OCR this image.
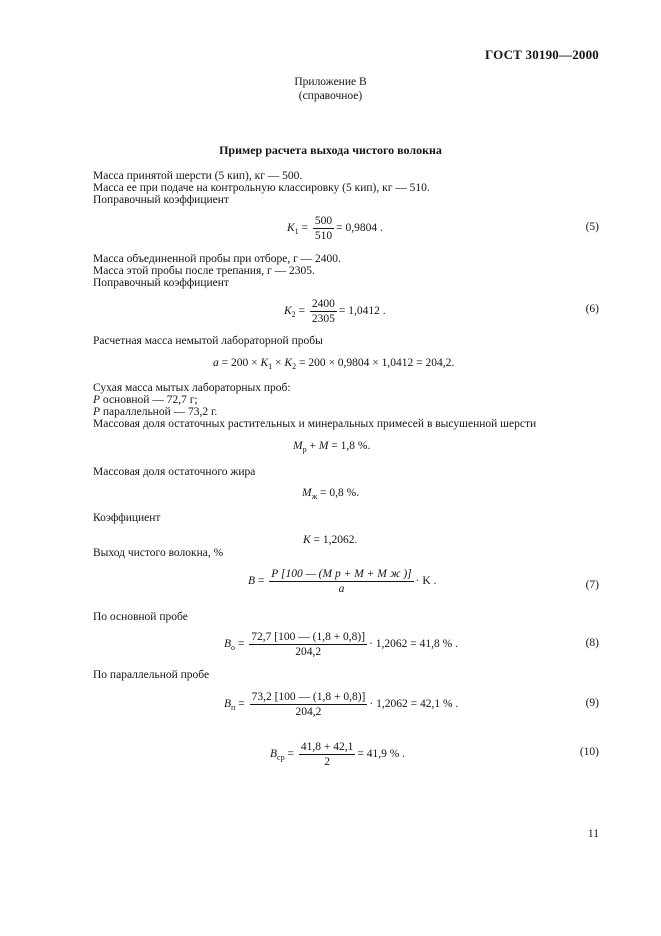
ГОСТ 30190—2000
Приложение В
(справочное)
Пример расчета выхода чистого волокна
Масса принятой шерсти (5 кип), кг — 500.
Масса ее при подаче на контрольную классировку (5 кип), кг — 510.
Поправочный коэффициент
$K_1 = \frac{500}{510} = 0,9804$ .	(5)
Масса объединенной пробы при отборе, г — 2400.
Масса этой пробы после трепания, г — 2305.
Поправочный коэффициент
$K_2 = \frac{2400}{2305} = 1,0412$ .	(6)
Расчетная масса немытой лабораторной пробы
$a = 200 \times K_1 \times K_2 = 200 \times 0,9804 \times 1,0412 = 204,2$.
Сухая масса мытых лабораторных проб:
P основной — 72,7 г;
P параллельной — 73,2 г.
Массовая доля остаточных растительных и минеральных примесей в высушенной шерсти
$M_р + M = 1,8$ %.
Массовая доля остаточного жира
$M_ж = 0,8$ %.
Коэффициент
K = 1,2062.
Выход чистого волокна, %
$B = \frac{\text{P [100 — (M р + M + M ж )]}}{a} \cdot K$ .	(7)
По основной пробе
$B_о = \frac{72,7 [100 — (1,8 + 0,8)]}{204,2} \cdot 1,2062 = 41,8$ % .	(8)
По параллельной пробе
$B_п = \frac{73,2 [100 — (1,8 + 0,8)]}{204,2} \cdot 1,2062 = 42,1$ % .	(9)
$B_{ср} = \frac{41,8 + 42,1}{2} = 41,9$ % .	(10)
11
